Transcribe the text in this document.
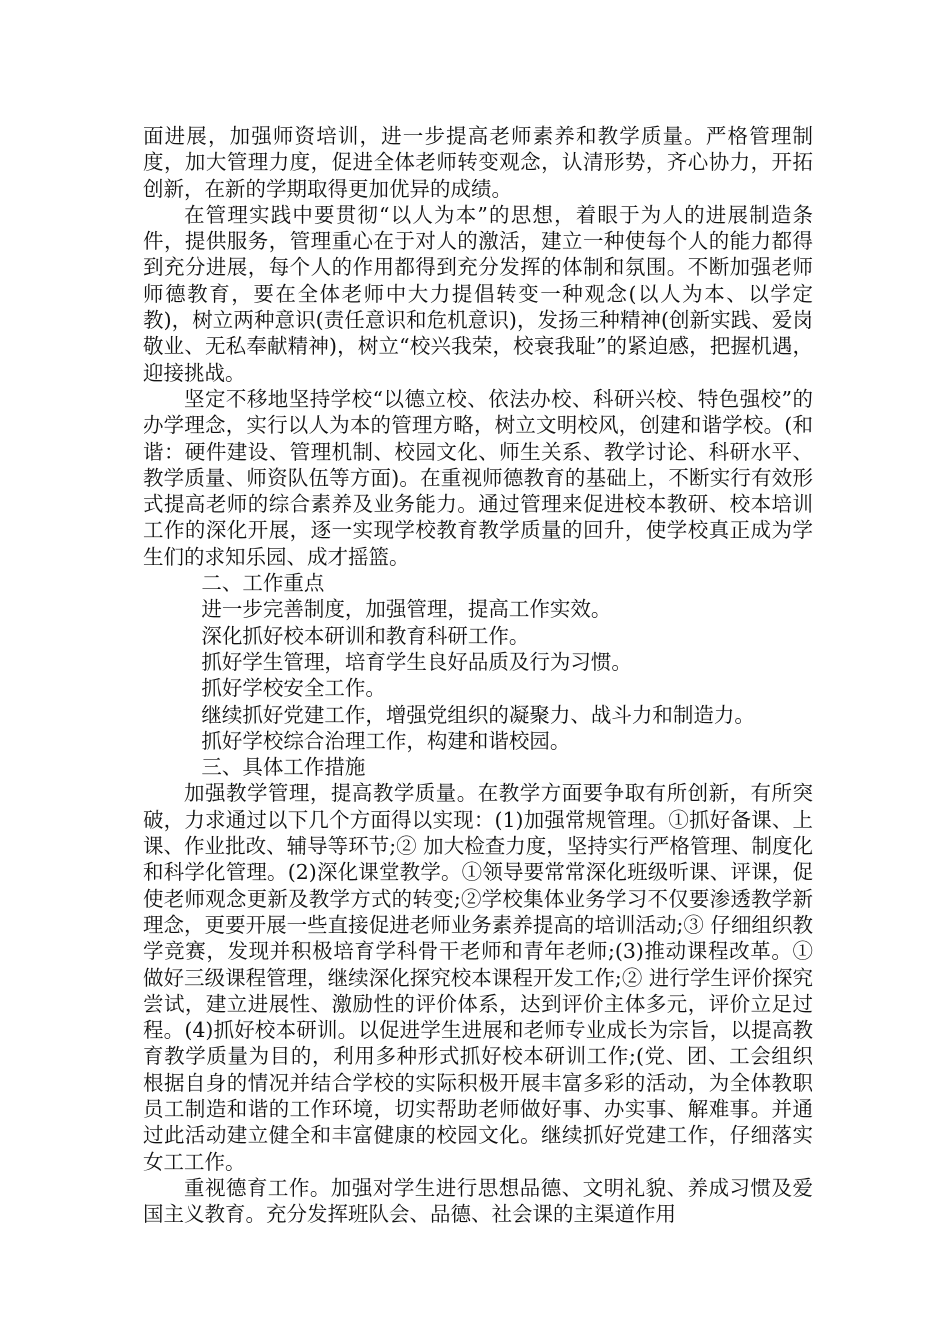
面进展，加强师资培训，进一步提高老师素养和教学质量。严格管理制度，加大管理力度，促进全体老师转变观念，认清形势，齐心协力，开拓创新，在新的学期取得更加优异的成绩。

在管理实践中要贯彻“以人为本”的思想，着眼于为人的进展制造条件，提供服务，管理重心在于对人的激活，建立一种使每个人的能力都得到充分进展，每个人的作用都得到充分发挥的体制和氛围。不断加强老师师德教育，要在全体老师中大力提倡转变一种观念(以人为本、以学定教)，树立两种意识(责任意识和危机意识)，发扬三种精神(创新实践、爱岗敬业、无私奉献精神)，树立“校兴我荣，校衰我耻”的紧迫感，把握机遇，迎接挑战。

坚定不移地坚持学校“以德立校、依法办校、科研兴校、特色强校”的办学理念，实行以人为本的管理方略，树立文明校风，创建和谐学校。(和谐：硬件建设、管理机制、校园文化、师生关系、教学讨论、科研水平、教学质量、师资队伍等方面)。在重视师德教育的基础上，不断实行有效形式提高老师的综合素养及业务能力。通过管理来促进校本教研、校本培训工作的深化开展，逐一实现学校教育教学质量的回升，使学校真正成为学生们的求知乐园、成才摇篮。

二、工作重点

进一步完善制度，加强管理，提高工作实效。

深化抓好校本研训和教育科研工作。

抓好学生管理，培育学生良好品质及行为习惯。

抓好学校安全工作。

继续抓好党建工作，增强党组织的凝聚力、战斗力和制造力。

抓好学校综合治理工作，构建和谐校园。

三、具体工作措施

加强教学管理，提高教学质量。在教学方面要争取有所创新，有所突破，力求通过以下几个方面得以实现：(1)加强常规管理。①抓好备课、上课、作业批改、辅导等环节;② 加大检查力度，坚持实行严格管理、制度化和科学化管理。(2)深化课堂教学。①领导要常常深化班级听课、评课，促使老师观念更新及教学方式的转变;②学校集体业务学习不仅要渗透教学新理念，更要开展一些直接促进老师业务素养提高的培训活动;③ 仔细组织教学竞赛，发现并积极培育学科骨干老师和青年老师;(3)推动课程改革。①做好三级课程管理，继续深化探究校本课程开发工作;② 进行学生评价探究尝试，建立进展性、激励性的评价体系，达到评价主体多元，评价立足过程。(4)抓好校本研训。以促进学生进展和老师专业成长为宗旨，以提高教育教学质量为目的，利用多种形式抓好校本研训工作;(党、团、工会组织根据自身的情况并结合学校的实际积极开展丰富多彩的活动，为全体教职员工制造和谐的工作环境，切实帮助老师做好事、办实事、解难事。并通过此活动建立健全和丰富健康的校园文化。继续抓好党建工作，仔细落实女工工作。

重视德育工作。加强对学生进行思想品德、文明礼貌、养成习惯及爱国主义教育。充分发挥班队会、品德、社会课的主渠道作用
